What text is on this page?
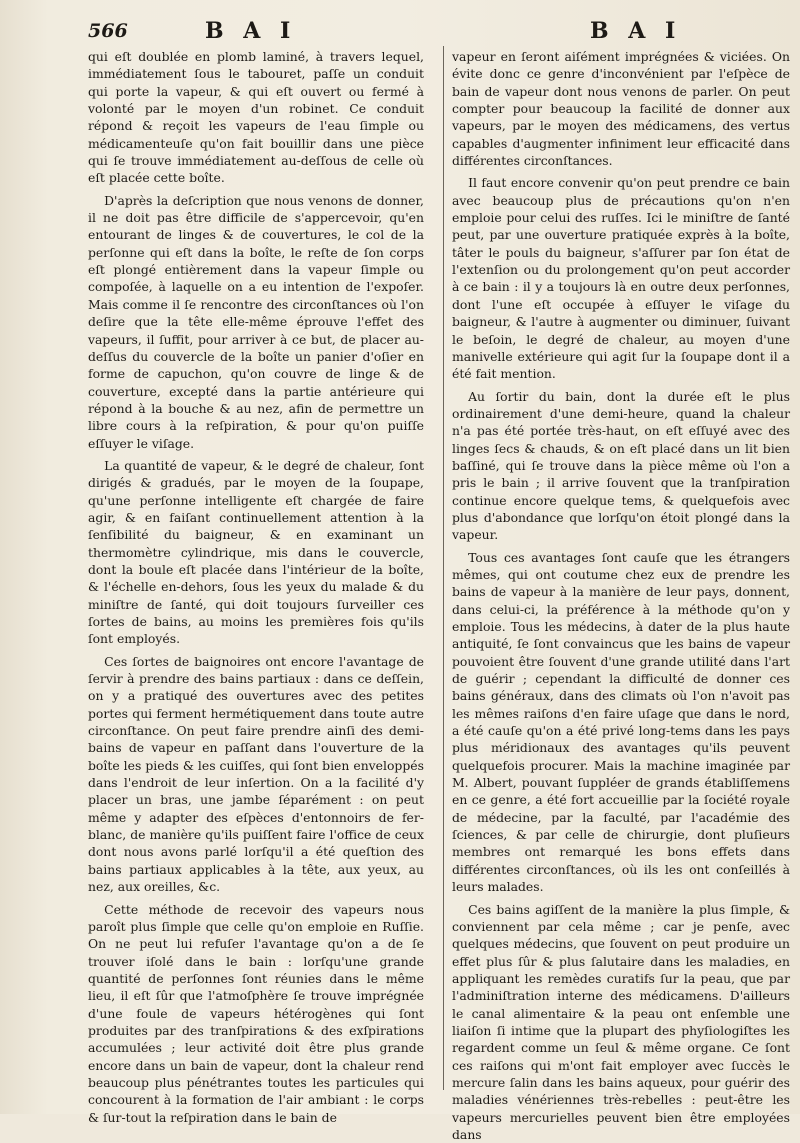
566	B A I	B A I

qui eſt doublée en plomb laminé, à travers lequel, immédiatement ſous le tabouret, paſſe un conduit qui porte la vapeur, & qui eſt ouvert ou fermé à volonté par le moyen d'un robinet. Ce conduit répond & reçoit les vapeurs de l'eau ſimple ou médicamenteuſe qu'on fait bouillir dans une pièce qui ſe trouve immédiatement au-deſſous de celle où eſt placée cette boîte.

D'après la deſcription que nous venons de donner, il ne doit pas être difficile de s'appercevoir, qu'en entourant de linges & de couvertures, le col de la perſonne qui eſt dans la boîte, le reſte de ſon corps eſt plongé entièrement dans la vapeur ſimple ou compoſée, à laquelle on a eu intention de l'expoſer. Mais comme il ſe rencontre des circonſtances où l'on deſire que la tête elle-même éprouve l'effet des vapeurs, il ſuffit, pour arriver à ce but, de placer au-deſſus du couvercle de la boîte un panier d'oſier en forme de capuchon, qu'on couvre de linge & de couverture, excepté dans la partie antérieure qui répond à la bouche & au nez, afin de permettre un libre cours à la reſpiration, & pour qu'on puiſſe eſſuyer le viſage.

La quantité de vapeur, & le degré de chaleur, ſont dirigés & gradués, par le moyen de la ſoupape, qu'une perſonne intelligente eſt chargée de faire agir, & en faiſant continuellement attention à la ſenſibilité du baigneur, & en examinant un thermomètre cylindrique, mis dans le couvercle, dont la boule eſt placée dans l'intérieur de la boîte, & l'échelle en-dehors, ſous les yeux du malade & du miniſtre de ſanté, qui doit toujours ſurveiller ces ſortes de bains, au moins les premières fois qu'ils ſont employés.

Ces ſortes de baignoires ont encore l'avantage de ſervir à prendre des bains partiaux : dans ce deſſein, on y a pratiqué des ouvertures avec des petites portes qui ferment hermétiquement dans toute autre circonſtance. On peut faire prendre ainſi des demi-bains de vapeur en paſſant dans l'ouverture de la boîte les pieds & les cuiſſes, qui ſont bien enveloppés dans l'endroit de leur inſertion. On a la facilité d'y placer un bras, une jambe ſéparément : on peut même y adapter des eſpèces d'entonnoirs de fer-blanc, de manière qu'ils puiſſent faire l'office de ceux dont nous avons parlé lorſqu'il a été queſtion des bains partiaux applicables à la tête, aux yeux, au nez, aux oreilles, &c.

Cette méthode de recevoir des vapeurs nous paroît plus ſimple que celle qu'on emploie en Ruſſie. On ne peut lui refuſer l'avantage qu'on a de ſe trouver iſolé dans le bain : lorſqu'une grande quantité de perſonnes ſont réunies dans le même lieu, il eſt ſûr que l'atmoſphère ſe trouve imprégnée d'une foule de vapeurs hétérogènes qui ſont produites par des tranſpirations & des exſpirations accumulées ; leur activité doit être plus grande encore dans un bain de vapeur, dont la chaleur rend beaucoup plus pénétrantes toutes les particules qui concourent à la formation de l'air ambiant : le corps & ſur-tout la reſpiration dans le bain de

vapeur en ſeront aiſément imprégnées & viciées. On évite donc ce genre d'inconvénient par l'eſpèce de bain de vapeur dont nous venons de parler. On peut compter pour beaucoup la facilité de donner aux vapeurs, par le moyen des médicamens, des vertus capables d'augmenter infiniment leur efficacité dans différentes circonſtances.

Il faut encore convenir qu'on peut prendre ce bain avec beaucoup plus de précautions qu'on n'en emploie pour celui des ruſſes. Ici le miniſtre de ſanté peut, par une ouverture pratiquée exprès à la boîte, tâter le pouls du baigneur, s'aſſurer par ſon état de l'extenſion ou du prolongement qu'on peut accorder à ce bain : il y a toujours là en outre deux perſonnes, dont l'une eſt occupée à eſſuyer le viſage du baigneur, & l'autre à augmenter ou diminuer, ſuivant le beſoin, le degré de chaleur, au moyen d'une manivelle extérieure qui agit ſur la ſoupape dont il a été fait mention.

Au ſortir du bain, dont la durée eſt le plus ordinairement d'une demi-heure, quand la chaleur n'a pas été portée très-haut, on eſt eſſuyé avec des linges ſecs & chauds, & on eſt placé dans un lit bien baſſiné, qui ſe trouve dans la pièce même où l'on a pris le bain ; il arrive ſouvent que la tranſpiration continue encore quelque tems, & quelquefois avec plus d'abondance que lorſqu'on étoit plongé dans la vapeur.

Tous ces avantages ſont cauſe que les étrangers mêmes, qui ont coutume chez eux de prendre les bains de vapeur à la manière de leur pays, donnent, dans celui-ci, la préférence à la méthode qu'on y emploie. Tous les médecins, à dater de la plus haute antiquité, ſe ſont convaincus que les bains de vapeur pouvoient être ſouvent d'une grande utilité dans l'art de guérir ; cependant la difficulté de donner ces bains généraux, dans des climats où l'on n'avoit pas les mêmes raiſons d'en faire uſage que dans le nord, a été cauſe qu'on a été privé long-tems dans les pays plus méridionaux des avantages qu'ils peuvent quelquefois procurer. Mais la machine imaginée par M. Albert, pouvant ſuppléer de grands établiſſemens en ce genre, a été fort accueillie par la ſociété royale de médecine, par la faculté, par l'académie des ſciences, & par celle de chirurgie, dont pluſieurs membres ont remarqué les bons effets dans différentes circonſtances, où ils les ont conſeillés à leurs malades.

Ces bains agiſſent de la manière la plus ſimple, & conviennent par cela même ; car je penſe, avec quelques médecins, que ſouvent on peut produire un effet plus ſûr & plus ſalutaire dans les maladies, en appliquant les remèdes curatifs ſur la peau, que par l'adminiſtration interne des médicamens. D'ailleurs le canal alimentaire & la peau ont enſemble une liaiſon ſi intime que la plupart des phyſiologiſtes les regardent comme un ſeul & même organe. Ce ſont ces raiſons qui m'ont fait employer avec ſuccès le mercure ſalin dans les bains aqueux, pour guérir des maladies vénériennes très-rebelles : peut-être les vapeurs mercurielles peuvent bien être employées dans
